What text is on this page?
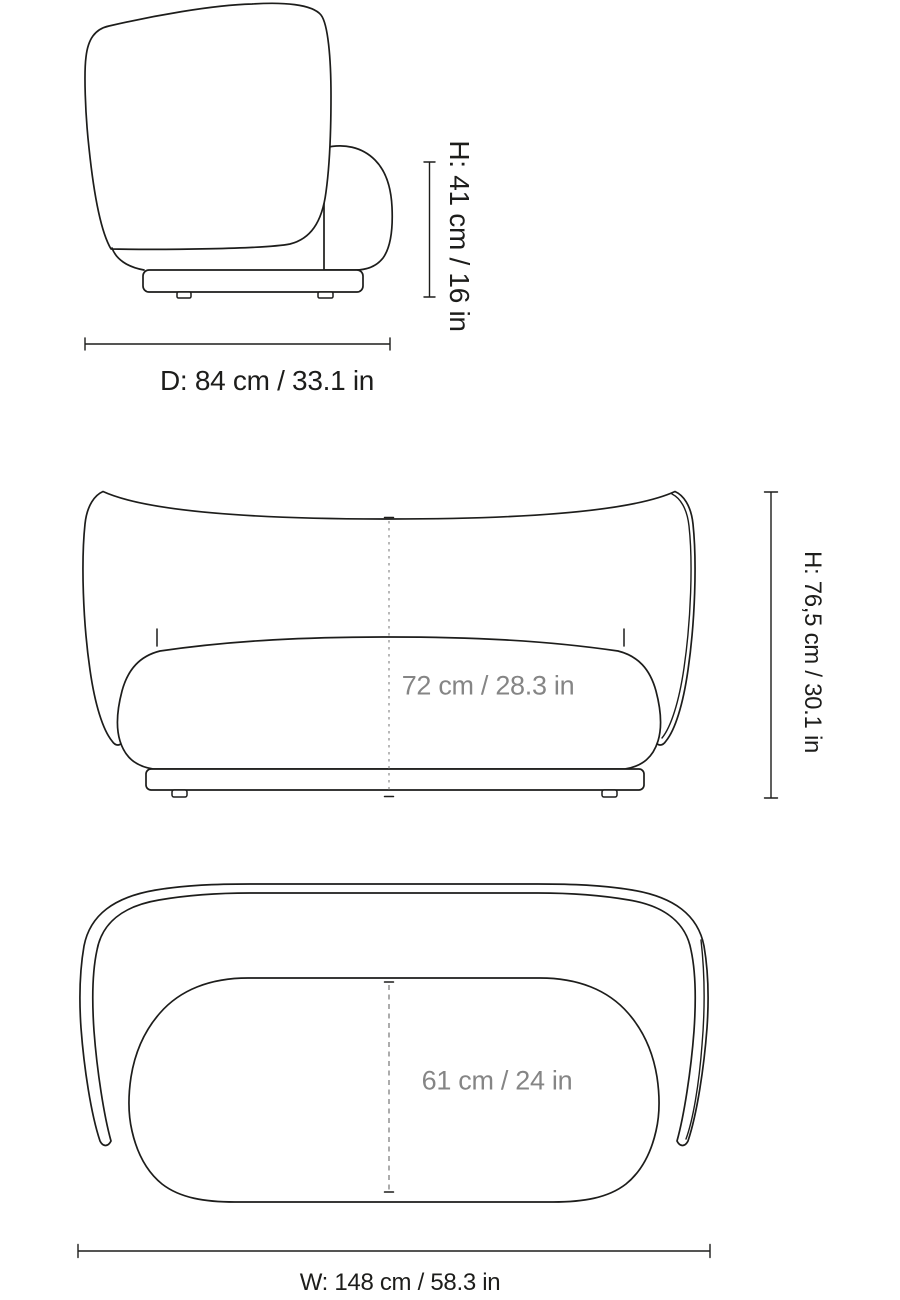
H: 41 cm / 16 in
D: 84 cm / 33.1 in
H: 76,5 cm / 30.1 in
72 cm / 28.3 in
61 cm / 24 in
W: 148 cm / 58.3 in
